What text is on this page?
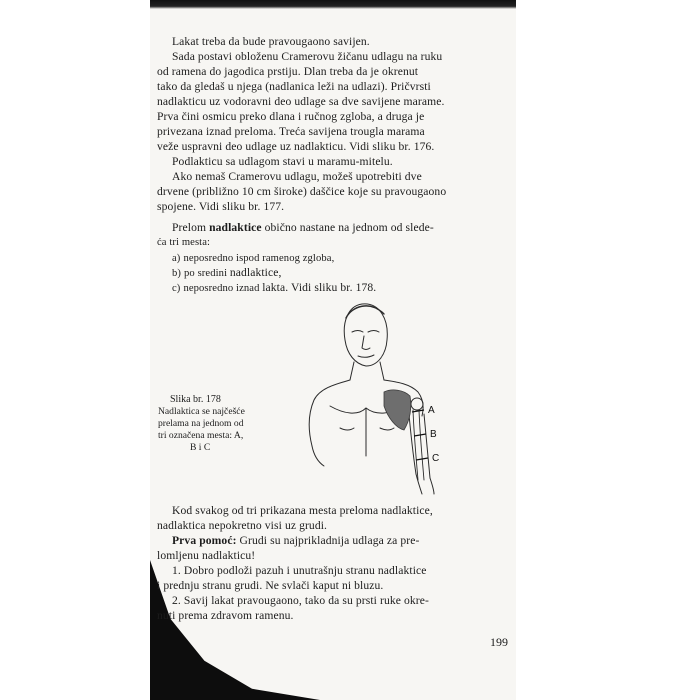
Lakat treba da bude pravougaono savijen.
Sada postavi obloženu Cramerovu žičanu udlagu na ruku
od ramena do jagodica prstiju. Dlan treba da je okrenut
tako da gledaš u njega (nadlanica leži na udlazi). Pričvrsti
nadlakticu uz vodoravni deo udlage sa dve savijene marame.
Prva čini osmicu preko dlana i ručnog zgloba, a druga je
privezana iznad preloma. Treća savijena trougla marama
veže uspravni deo udlage uz nadlakticu. Vidi sliku br. 176.
Podlakticu sa udlagom stavi u maramu-mitelu.
Ako nemaš Cramerovu udlagu, možeš upotrebiti dve
drvene (približno 10 cm široke) daščice koje su pravougaono
spojene. Vidi sliku br. 177.
Prelom nadlaktice obično nastane na jednom od slede-
ća tri mesta:
a) neposredno ispod ramenog zgloba,
b) po sredini nadlaktice,
c) neposredno iznad lakta. Vidi sliku br. 178.
Slika br. 178
Nadlaktica se najčešće
prelama na jednom od
tri označena mesta: A,
B i C
A
B
C
Kod svakog od tri prikazana mesta preloma nadlaktice,
nadlaktica nepokretno visi uz grudi.
Prva pomoć: Grudi su najprikladnija udlaga za pre-
lomljenu nadlakticu!
1. Dobro podloži pazuh i unutrašnju stranu nadlaktice
i prednju stranu grudi. Ne svlači kaput ni bluzu.
2. Savij lakat pravougaono, tako da su prsti ruke okre-
nuti prema zdravom ramenu.
199
